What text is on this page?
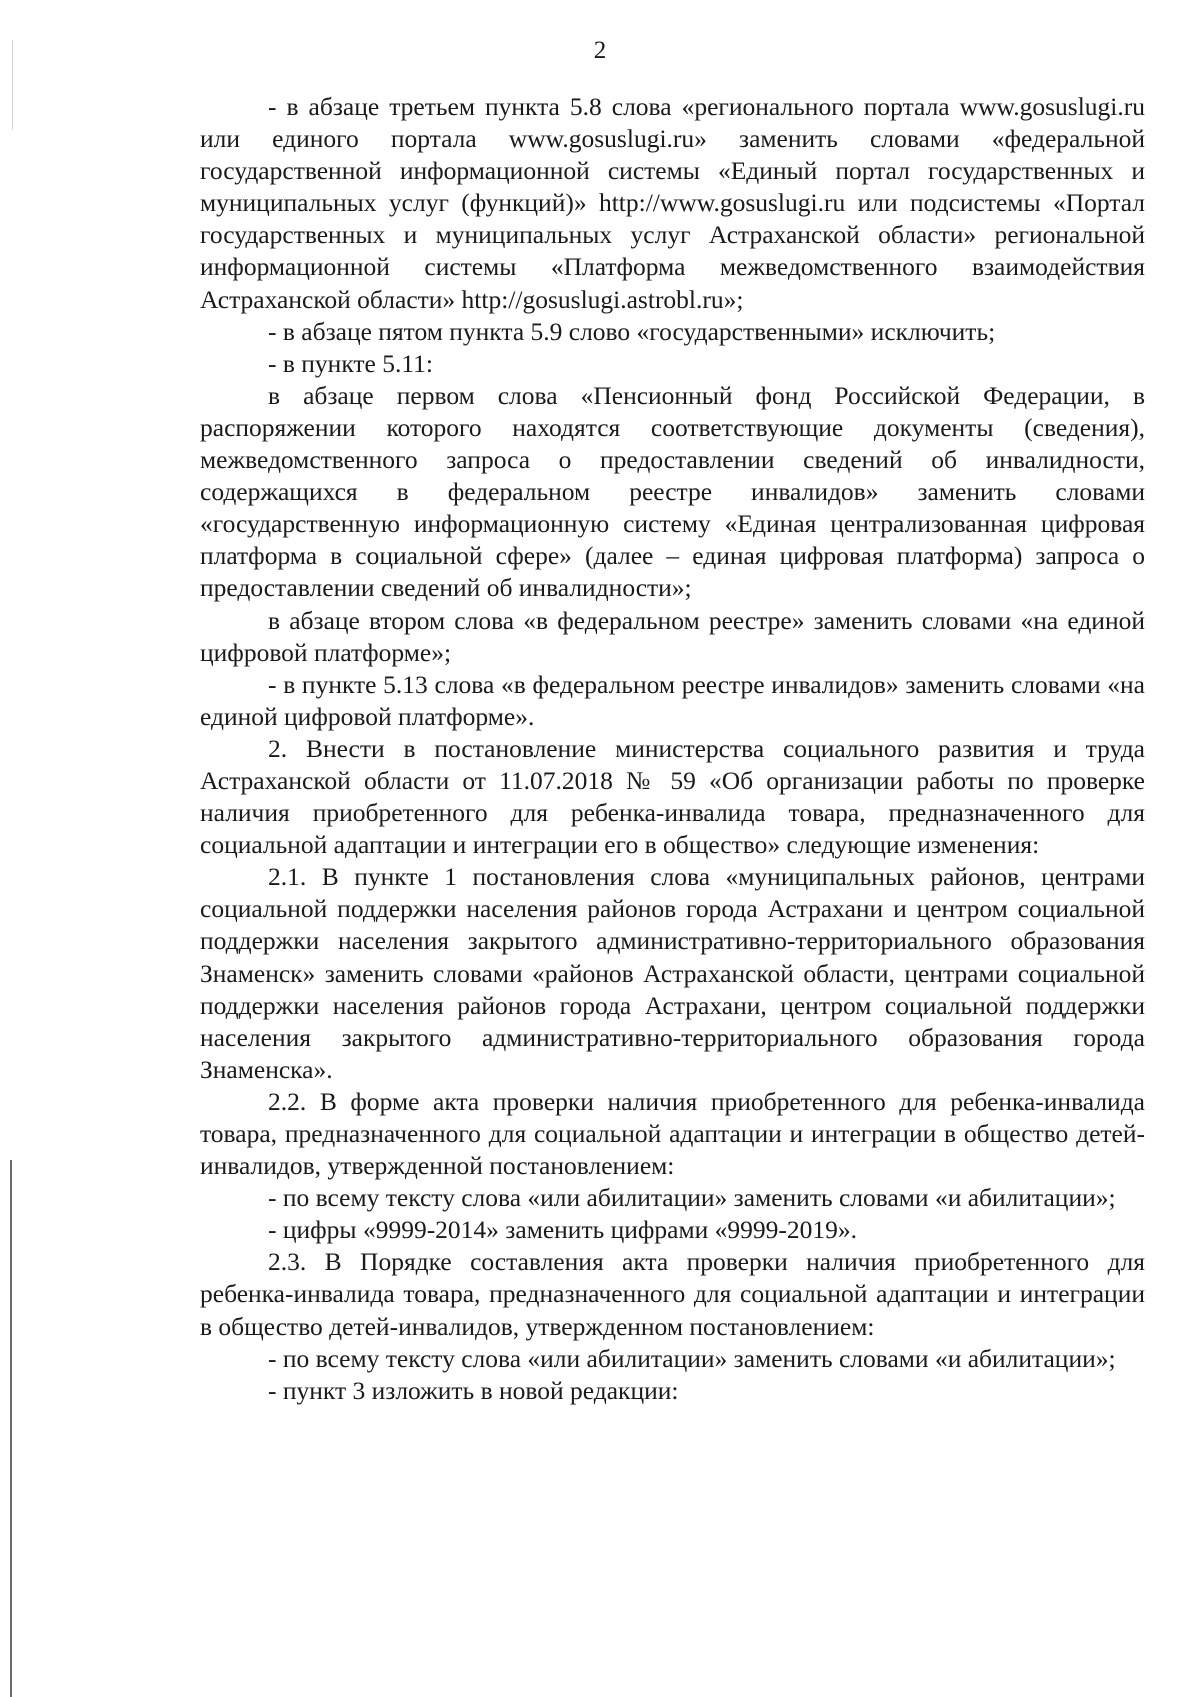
2

- в абзаце третьем пункта 5.8 слова «регионального портала www.gosuslugi.ru или единого портала www.gosuslugi.ru» заменить словами «федеральной государственной информационной системы «Единый портал государственных и муниципальных услуг (функций)» http://www.gosuslugi.ru или подсистемы «Портал государственных и муниципальных услуг Астраханской области» региональной информационной системы «Платформа межведомственного взаимодействия Астраханской области» http://gosuslugi.astrobl.ru»;

- в абзаце пятом пункта 5.9 слово «государственными» исключить;

- в пункте 5.11:

в абзаце первом слова «Пенсионный фонд Российской Федерации, в распоряжении которого находятся соответствующие документы (сведения), межведомственного запроса о предоставлении сведений об инвалидности, содержащихся в федеральном реестре инвалидов» заменить словами «государственную информационную систему «Единая централизованная цифровая платформа в социальной сфере» (далее – единая цифровая платформа) запроса о предоставлении сведений об инвалидности»;

в абзаце втором слова «в федеральном реестре» заменить словами «на единой цифровой платформе»;

- в пункте 5.13 слова «в федеральном реестре инвалидов» заменить словами «на единой цифровой платформе».

2. Внести в постановление министерства социального развития и труда Астраханской области от 11.07.2018 № 59 «Об организации работы по проверке наличия приобретенного для ребенка-инвалида товара, предназначенного для социальной адаптации и интеграции его в общество» следующие изменения:

2.1. В пункте 1 постановления слова «муниципальных районов, центрами социальной поддержки населения районов города Астрахани и центром социальной поддержки населения закрытого административно-территориального образования Знаменск» заменить словами «районов Астраханской области, центрами социальной поддержки населения районов города Астрахани, центром социальной поддержки населения закрытого административно-территориального образования города Знаменска».

2.2. В форме акта проверки наличия приобретенного для ребенка-инвалида товара, предназначенного для социальной адаптации и интеграции в общество детей-инвалидов, утвержденной постановлением:

- по всему тексту слова «или абилитации» заменить словами «и абилитации»;

- цифры «9999-2014» заменить цифрами «9999-2019».

2.3. В Порядке составления акта проверки наличия приобретенного для ребенка-инвалида товара, предназначенного для социальной адаптации и интеграции в общество детей-инвалидов, утвержденном постановлением:

- по всему тексту слова «или абилитации» заменить словами «и абилитации»;

- пункт 3 изложить в новой редакции:
